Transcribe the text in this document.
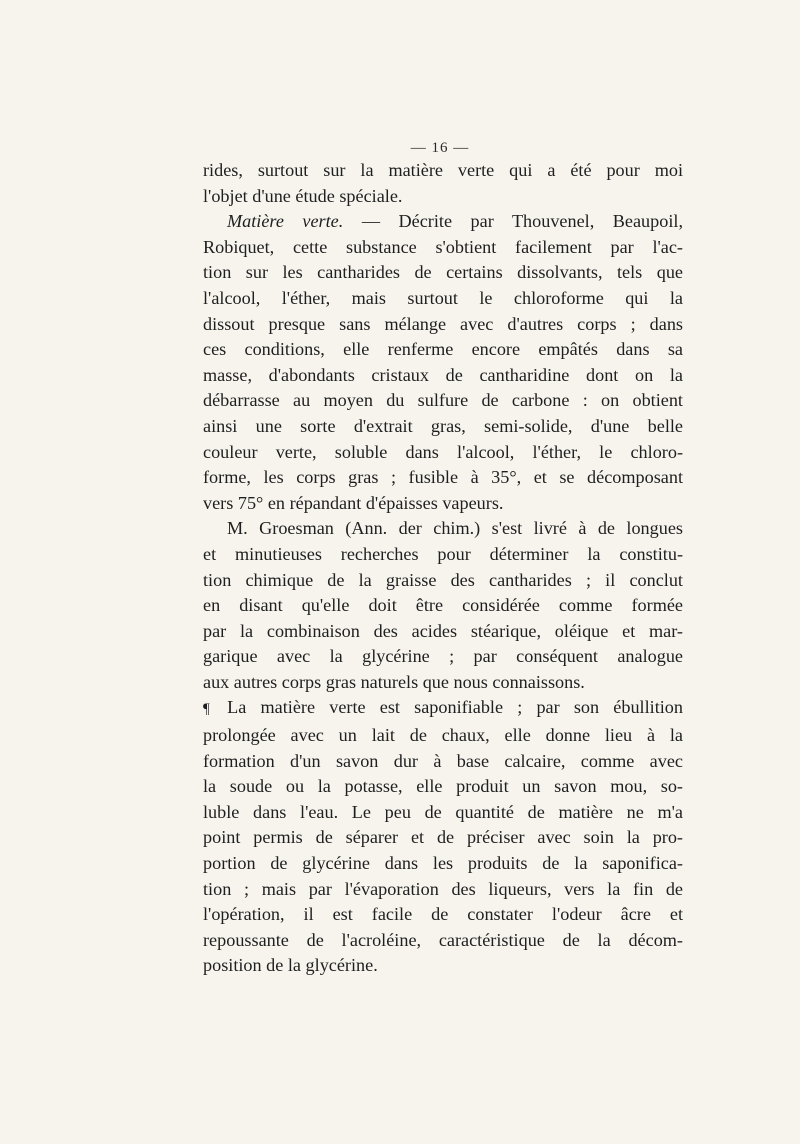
— 16 —

rides, surtout sur la matière verte qui a été pour moi
l'objet d'une étude spéciale.

Matière verte. — Décrite par Thouvenel, Beaupoil,
Robiquet, cette substance s'obtient facilement par l'ac-
tion sur les cantharides de certains dissolvants, tels que
l'alcool, l'éther, mais surtout le chloroforme qui la
dissout presque sans mélange avec d'autres corps ; dans
ces conditions, elle renferme encore empâtés dans sa
masse, d'abondants cristaux de cantharidine dont on la
débarrasse au moyen du sulfure de carbone : on obtient
ainsi une sorte d'extrait gras, semi-solide, d'une belle
couleur verte, soluble dans l'alcool, l'éther, le chloro-
forme, les corps gras ; fusible à 35°, et se décomposant
vers 75° en répandant d'épaisses vapeurs.

M. Groesman (Ann. der chim.) s'est livré à de longues
et minutieuses recherches pour déterminer la constitu-
tion chimique de la graisse des cantharides ; il conclut
en disant qu'elle doit être considérée comme formée
par la combinaison des acides stéarique, oléique et mar-
garique avec la glycérine ; par conséquent analogue
aux autres corps gras naturels que nous connaissons.

¶ La matière verte est saponifiable ; par son ébullition
prolongée avec un lait de chaux, elle donne lieu à la
formation d'un savon dur à base calcaire, comme avec
la soude ou la potasse, elle produit un savon mou, so-
luble dans l'eau. Le peu de quantité de matière ne m'a
point permis de séparer et de préciser avec soin la pro-
portion de glycérine dans les produits de la saponifica-
tion ; mais par l'évaporation des liqueurs, vers la fin de
l'opération, il est facile de constater l'odeur âcre et
repoussante de l'acroléine, caractéristique de la décom-
position de la glycérine.
